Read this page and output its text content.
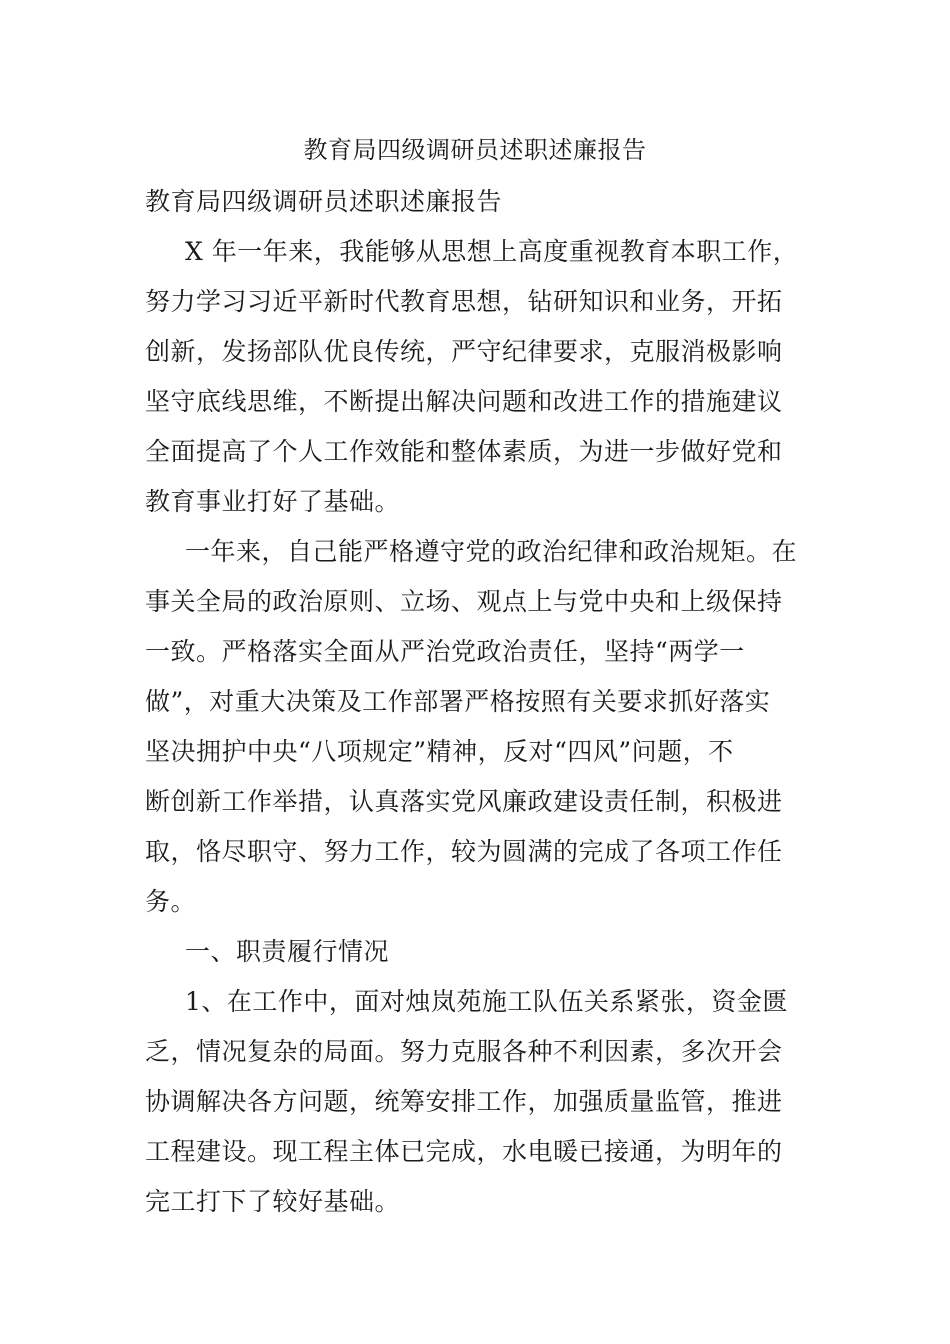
教育局四级调研员述职述廉报告
教育局四级调研员述职述廉报告
X 年一年来，我能够从思想上高度重视教育本职工作，
努力学习习近平新时代教育思想，钻研知识和业务，开拓
创新，发扬部队优良传统，严守纪律要求，克服消极影响
坚守底线思维，不断提出解决问题和改进工作的措施建议
全面提高了个人工作效能和整体素质，为进一步做好党和
教育事业打好了基础。
一年来，自己能严格遵守党的政治纪律和政治规矩。在
事关全局的政治原则、立场、观点上与党中央和上级保持
一致。严格落实全面从严治党政治责任，坚持“两学一
做”，对重大决策及工作部署严格按照有关要求抓好落实
坚决拥护中央“八项规定”精神，反对“四风”问题，不
断创新工作举措，认真落实党风廉政建设责任制，积极进
取，恪尽职守、努力工作，较为圆满的完成了各项工作任
务。
一、职责履行情况
1、在工作中，面对烛岚苑施工队伍关系紧张，资金匮
乏，情况复杂的局面。努力克服各种不利因素，多次开会
协调解决各方问题，统筹安排工作，加强质量监管，推进
工程建设。现工程主体已完成，水电暖已接通，为明年的
完工打下了较好基础。
